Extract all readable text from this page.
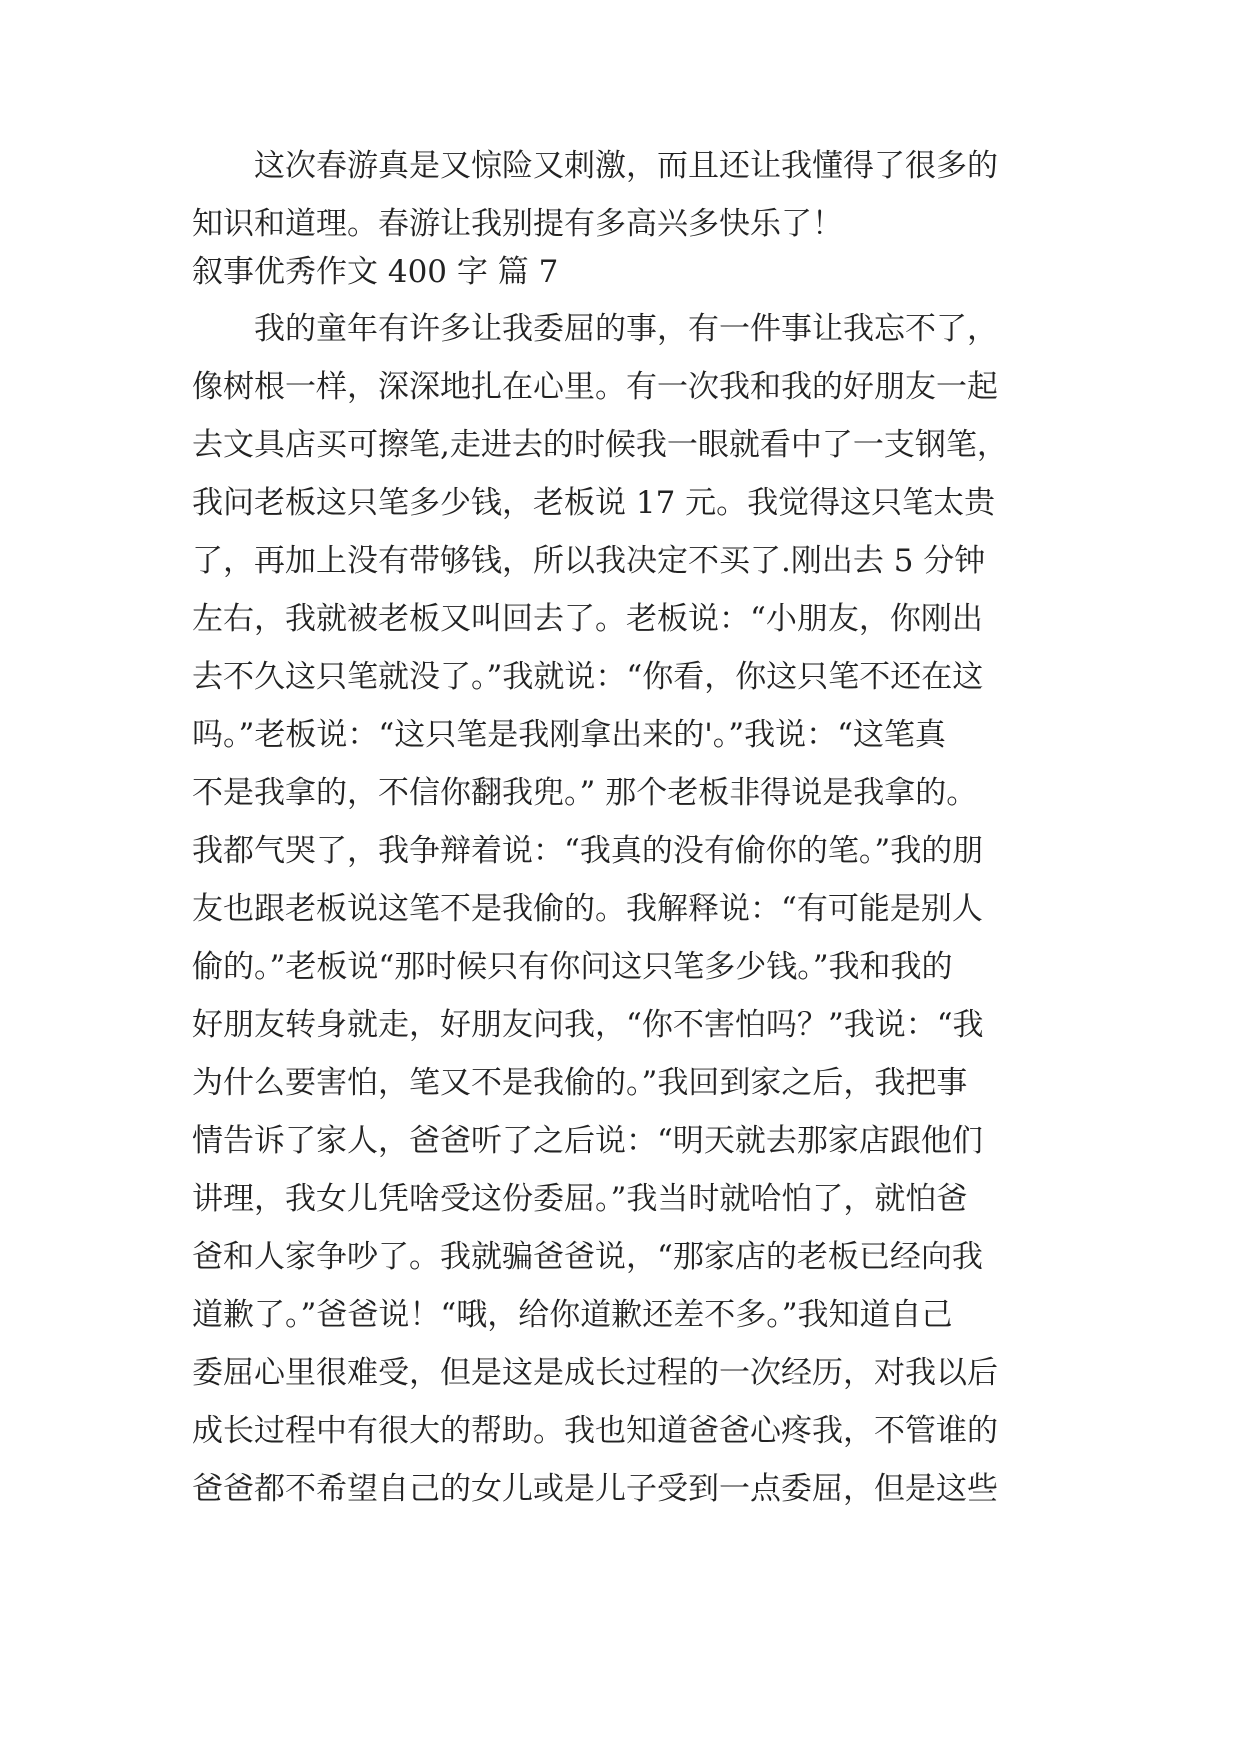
这次春游真是又惊险又刺激，而且还让我懂得了很多的
知识和道理。春游让我别提有多高兴多快乐了！
叙事优秀作文 400 字 篇 7
我的童年有许多让我委屈的事，有一件事让我忘不了，
像树根一样，深深地扎在心里。有一次我和我的好朋友一起
去文具店买可擦笔,走进去的时候我一眼就看中了一支钢笔，
我问老板这只笔多少钱，老板说 17 元。我觉得这只笔太贵
了，再加上没有带够钱，所以我决定不买了.刚出去 5 分钟
左右，我就被老板又叫回去了。老板说：“小朋友，你刚出
去不久这只笔就没了。”我就说：“你看，你这只笔不还在这
吗。”老板说：“这只笔是我刚拿出来的'。”我说：“这笔真
不是我拿的，不信你翻我兜。” 那个老板非得说是我拿的。
我都气哭了，我争辩着说：“我真的没有偷你的笔。”我的朋
友也跟老板说这笔不是我偷的。我解释说：“有可能是别人
偷的。”老板说“那时候只有你问这只笔多少钱。”我和我的
好朋友转身就走，好朋友问我，“你不害怕吗？”我说：“我
为什么要害怕，笔又不是我偷的。”我回到家之后，我把事
情告诉了家人，爸爸听了之后说：“明天就去那家店跟他们
讲理，我女儿凭啥受这份委屈。”我当时就哈怕了，就怕爸
爸和人家争吵了。我就骗爸爸说，“那家店的老板已经向我
道歉了。”爸爸说！“哦，给你道歉还差不多。”我知道自己
委屈心里很难受，但是这是成长过程的一次经历，对我以后
成长过程中有很大的帮助。我也知道爸爸心疼我，不管谁的
爸爸都不希望自己的女儿或是儿子受到一点委屈，但是这些
